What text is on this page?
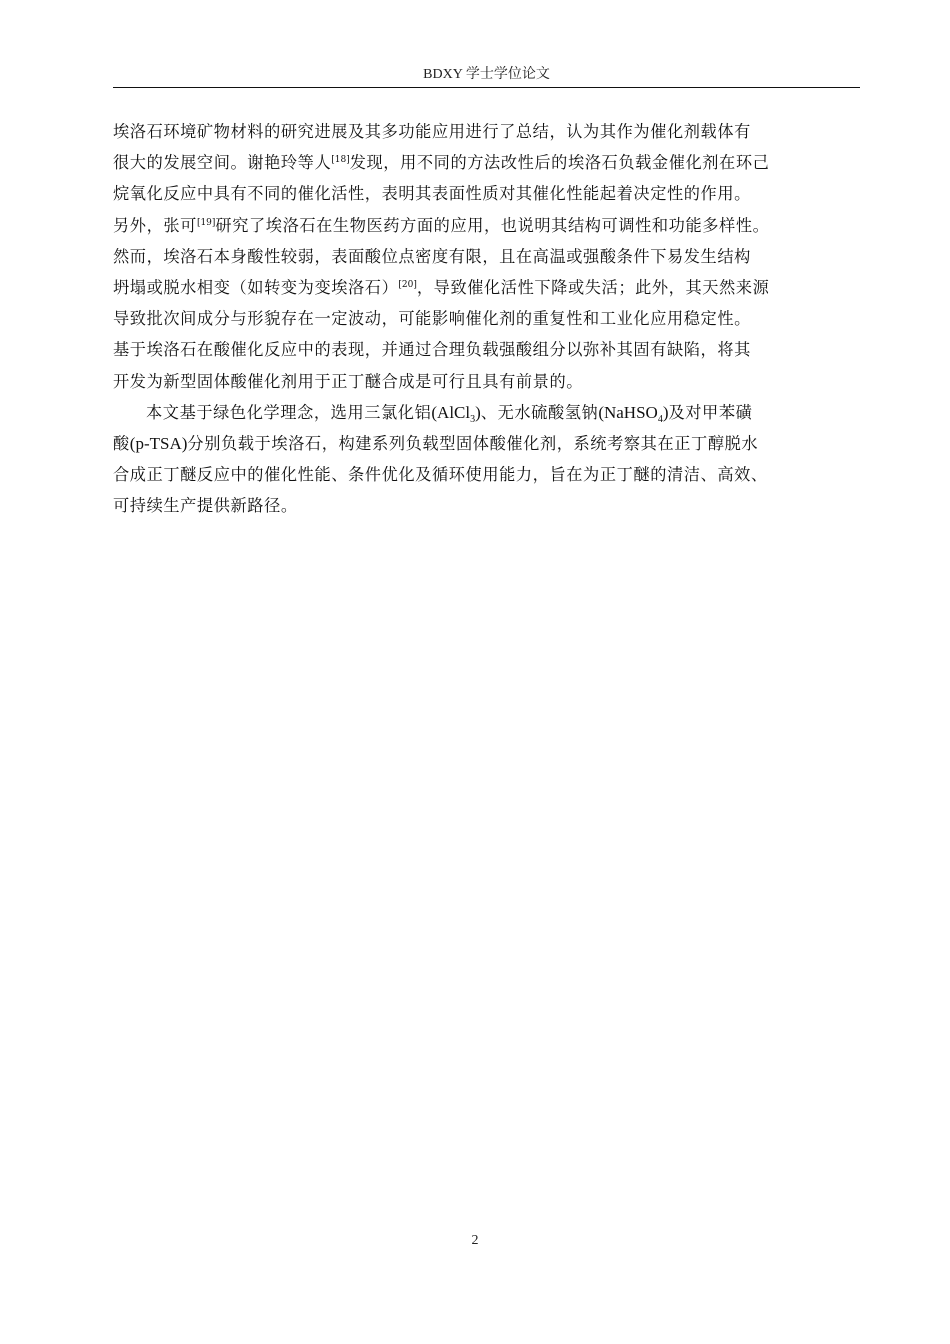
BDXY 学士学位论文
埃洛石环境矿物材料的研究进展及其多功能应用进行了总结，认为其作为催化剂载体有
很大的发展空间。谢艳玲等人[18]发现，用不同的方法改性后的埃洛石负载金催化剂在环己
烷氧化反应中具有不同的催化活性，表明其表面性质对其催化性能起着决定性的作用。
另外，张可[19]研究了埃洛石在生物医药方面的应用，也说明其结构可调性和功能多样性。
然而，埃洛石本身酸性较弱，表面酸位点密度有限，且在高温或强酸条件下易发生结构
坍塌或脱水相变（如转变为变埃洛石）[20]，导致催化活性下降或失活；此外，其天然来源
导致批次间成分与形貌存在一定波动，可能影响催化剂的重复性和工业化应用稳定性。
基于埃洛石在酸催化反应中的表现，并通过合理负载强酸组分以弥补其固有缺陷，将其
开发为新型固体酸催化剂用于正丁醚合成是可行且具有前景的。
本文基于绿色化学理念，选用三氯化铝(AlCl$_3$)、无水硫酸氢钠(NaHSO$_4$)及对甲苯磺
酸(p-TSA)分别负载于埃洛石，构建系列负载型固体酸催化剂，系统考察其在正丁醇脱水
合成正丁醚反应中的催化性能、条件优化及循环使用能力，旨在为正丁醚的清洁、高效、
可持续生产提供新路径。
2
